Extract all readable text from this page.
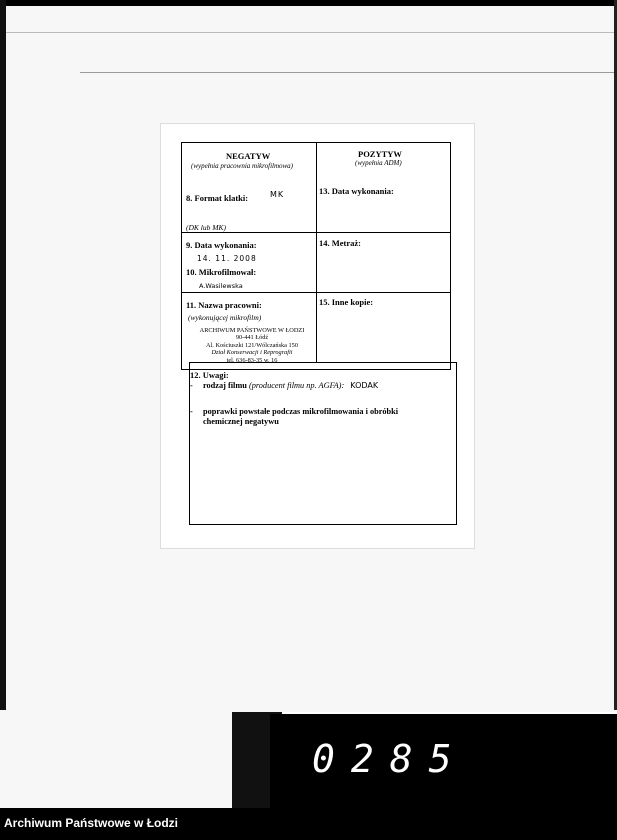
NEGATYW
(wypełnia pracownia mikrofilmowa)
POZYTYW
(wypełnia ADM)
8. Format klatki:	MK
(DK lub MK)
13. Data wykonania:
9. Data wykonania:
14. 11. 2008
10. Mikrofilmował:
A.Wasilewska
14. Metraż:
11. Nazwa pracowni:
(wykonującej mikrofilm)
15. Inne kopie:
ARCHIWUM PAŃSTWOWE W ŁODZI
90-441 Łódź
Al. Kościuszki 121/Wólczańska 150
Dział Konserwacji i Reprografii
tel. 636-83-35 w. 16
12. Uwagi:
- rodzaj filmu (producent filmu np. AGFA): KODAK
- poprawki powstałe podczas mikrofilmowania i obróbki chemicznej negatywu
0285
Archiwum Państwowe w Łodzi
